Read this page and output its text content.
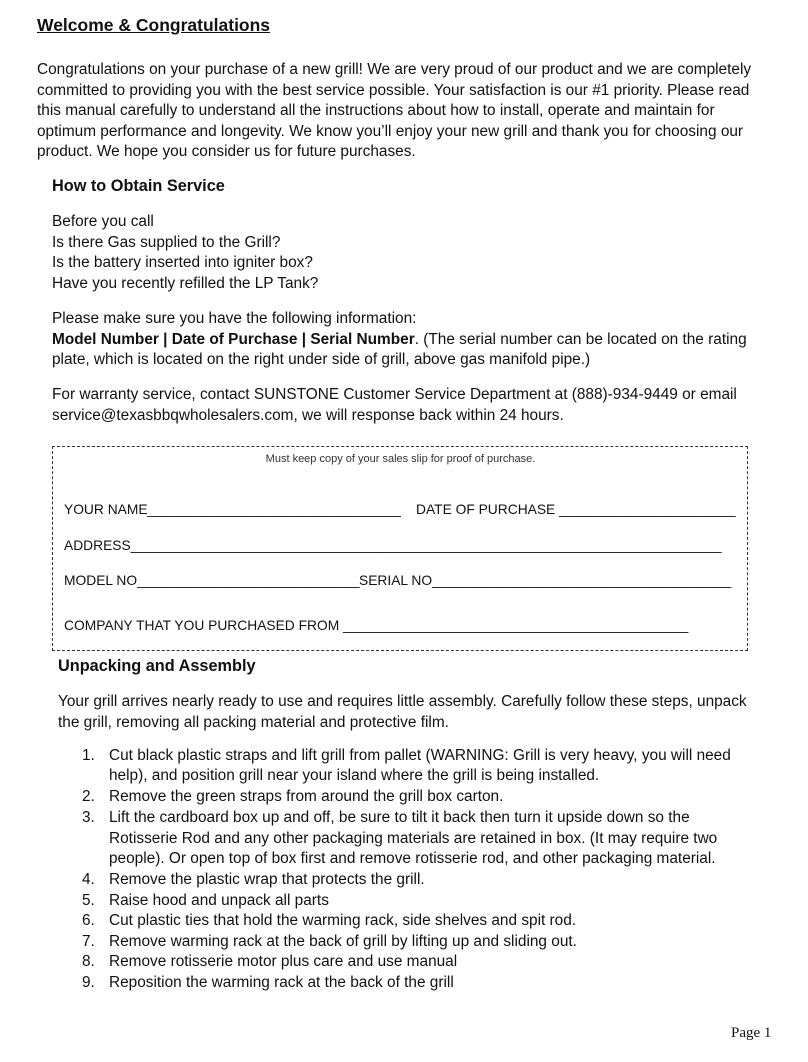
Welcome & Congratulations
Congratulations on your purchase of a new grill! We are very proud of our product and we are completely
committed to providing you with the best service possible. Your satisfaction is our #1 priority. Please read
this manual carefully to understand all the instructions about how to install, operate and maintain for
optimum performance and longevity. We know you’ll enjoy your new grill and thank you for choosing our
product. We hope you consider us for future purchases.
How to Obtain Service
Before you call
Is there Gas supplied to the Grill?
Is the battery inserted into igniter box?
Have you recently refilled the LP Tank?
Please make sure you have the following information:
Model Number | Date of Purchase | Serial Number. (The serial number can be located on the rating
plate, which is located on the right under side of grill, above gas manifold pipe.)
For warranty service, contact SUNSTONE Customer Service Department at (888)-934-9449 or email
service@texasbbqwholesalers.com, we will response back within 24 hours.
Must keep copy of your sales slip for proof of purchase.
YOUR NAME_________________________________ DATE OF PURCHASE _______________________
ADDRESS_____________________________________________________________________________
MODEL NO_____________________________ SERIAL NO_______________________________________
COMPANY THAT YOU PURCHASED FROM _____________________________________________
Unpacking and Assembly
Your grill arrives nearly ready to use and requires little assembly. Carefully follow these steps, unpack
the grill, removing all packing material and protective film.
1. Cut black plastic straps and lift grill from pallet (WARNING: Grill is very heavy, you will need
help), and position grill near your island where the grill is being installed.
2. Remove the green straps from around the grill box carton.
3. Lift the cardboard box up and off, be sure to tilt it back then turn it upside down so the
Rotisserie Rod and any other packaging materials are retained in box. (It may require two
people). Or open top of box first and remove rotisserie rod, and other packaging material.
4. Remove the plastic wrap that protects the grill.
5. Raise hood and unpack all parts
6. Cut plastic ties that hold the warming rack, side shelves and spit rod.
7. Remove warming rack at the back of grill by lifting up and sliding out.
8. Remove rotisserie motor plus care and use manual
9. Reposition the warming rack at the back of the grill
Page 1
